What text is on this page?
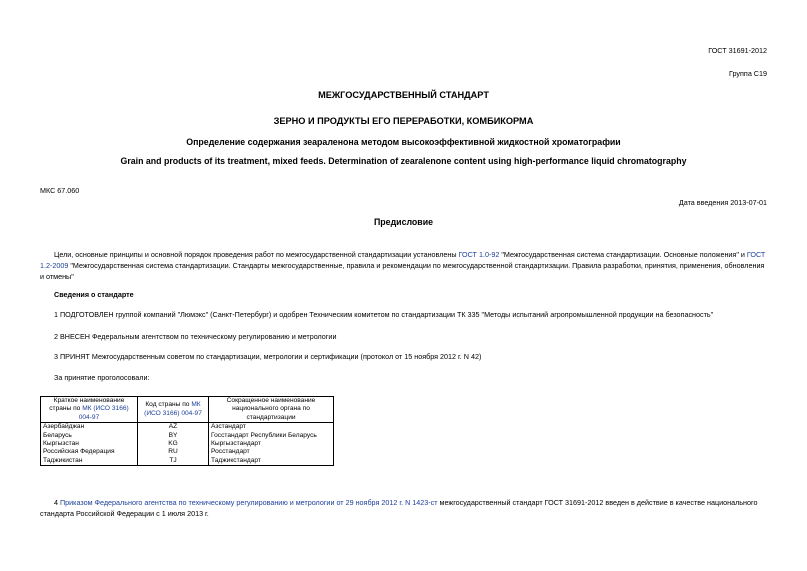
ГОСТ 31691-2012
Группа С19
МЕЖГОСУДАРСТВЕННЫЙ СТАНДАРТ
ЗЕРНО И ПРОДУКТЫ ЕГО ПЕРЕРАБОТКИ, КОМБИКОРМА
Определение содержания зеараленона методом высокоэффективной жидкостной хроматографии
Grain and products of its treatment, mixed feeds. Determination of zearalenone content using high-performance liquid chromatography
МКС 67.060
Дата введения 2013-07-01
Предисловие
Цели, основные принципы и основной порядок проведения работ по межгосударственной стандартизации установлены ГОСТ 1.0-92 "Межгосударственная система стандартизации. Основные положения" и ГОСТ 1.2-2009 "Межгосударственная система стандартизации. Стандарты межгосударственные, правила и рекомендации по межгосударственной стандартизации. Правила разработки, принятия, применения, обновления и отмены"
Сведения о стандарте
1 ПОДГОТОВЛЕН группой компаний "Люмэкс" (Санкт-Петербург) и одобрен Техническим комитетом по стандартизации ТК 335 "Методы испытаний агропромышленной продукции на безопасность"
2 ВНЕСЕН Федеральным агентством по техническому регулированию и метрологии
3 ПРИНЯТ Межгосударственным советом по стандартизации, метрологии и сертификации (протокол от 15 ноября 2012 г. N 42)
За принятие проголосовали:
Краткое наименование страны по МК (ИСО 3166) 004-97	Код страны по МК (ИСО 3166) 004-97	Сокращенное наименование национального органа по стандартизации
Азербайджан	AZ	Азстандарт
Беларусь	BY	Госстандарт Республики Беларусь
Кыргызстан	KG	Кыргызстандарт
Российская Федерация	RU	Росстандарт
Таджикистан	TJ	Таджикстандарт
4 Приказом Федерального агентства по техническому регулированию и метрологии от 29 ноября 2012 г. N 1423-ст межгосударственный стандарт ГОСТ 31691-2012 введен в действие в качестве национального стандарта Российской Федерации с 1 июля 2013 г.
